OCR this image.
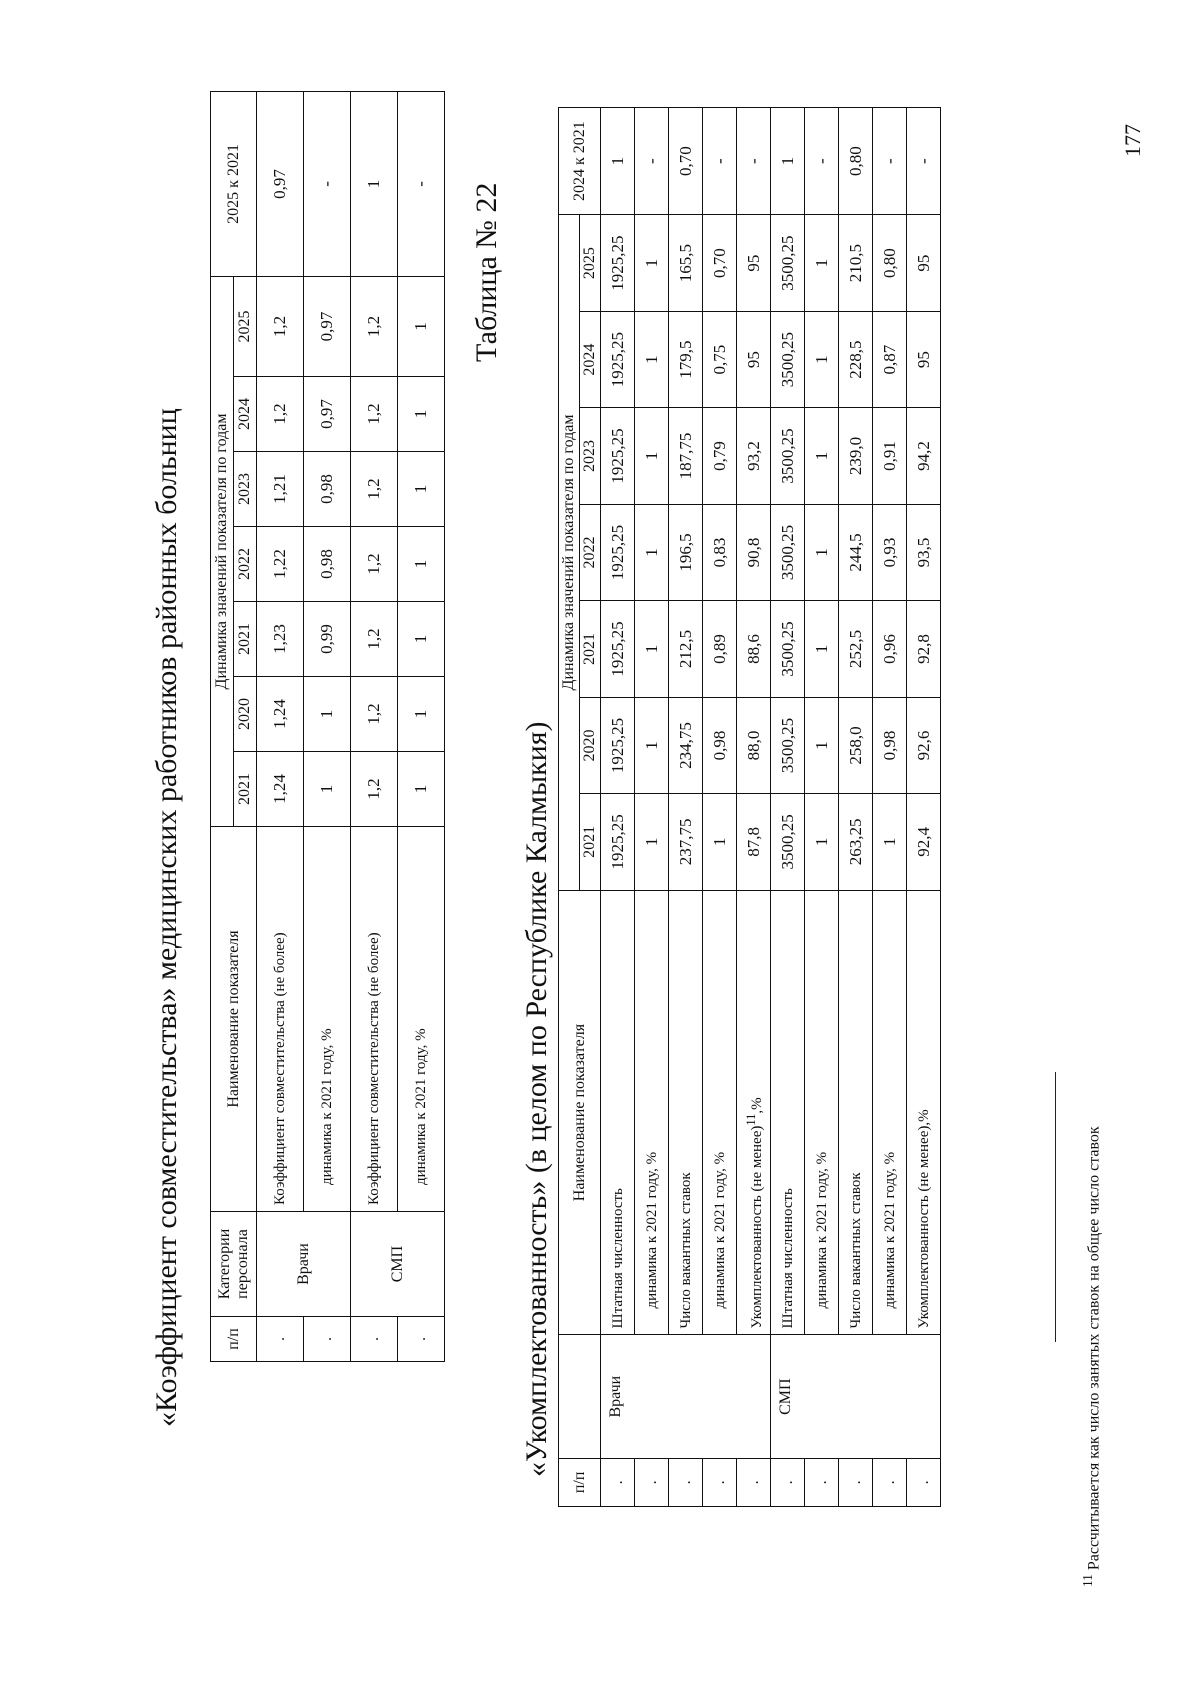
«Коэффициент совместительства» медицинских работников районных больниц	п/п	Категории персонала	Наименование показателя	Динамика значений показателя по годам							2025 к 2021
			2021	2020	2021	2022	2023	2024	2025	
.	Врачи	Коэффициент совместительства (не более)	1,24	1,24	1,23	1,22	1,21	1,2	1,2	0,97
.		динамика к 2021 году, %	1	1	0,99	0,98	0,98	0,97	0,97	-
.	СМП	Коэффициент совместительства (не более)	1,2	1,2	1,2	1,2	1,2	1,2	1,2	1
.		динамика к 2021 году, %	1	1	1	1	1	1	1	- Таблица № 22
«Укомплектованность» (в целом по Республике Калмыкия)
п/п		Наименование показателя	Динамика значений показателя по годам							2024 к 2021
			2021	2020	2021	2022	2023	2024	2025	
.	Врачи	Штатная численность	1925,25	1925,25	1925,25	1925,25	1925,25	1925,25	1925,25	1
.		динамика к 2021 году, %	1	1	1	1	1	1	1	-
.		Число вакантных ставок	237,75	234,75	212,5	196,5	187,75	179,5	165,5	0,70
.		динамика к 2021 году, %	1	0,98	0,89	0,83	0,79	0,75	0,70	-
.		Укомплектованность (не менее)$^{11}$,%	87,8	88,0	88,6	90,8	93,2	95	95	-
.	СМП	Штатная численность	3500,25	3500,25	3500,25	3500,25	3500,25	3500,25	3500,25	1
.		динамика к 2021 году, %	1	1	1	1	1	1	1	-
.		Число вакантных ставок	263,25	258,0	252,5	244,5	239,0	228,5	210,5	0,80
.		динамика к 2021 году, %	1	0,98	0,96	0,93	0,91	0,87	0,80	-
.		Укомплектованность (не менее),%	92,4	92,6	92,8	93,5	94,2	95	95	-
$^{11}$ Рассчитывается как число занятых ставок на общее число ставок
177
